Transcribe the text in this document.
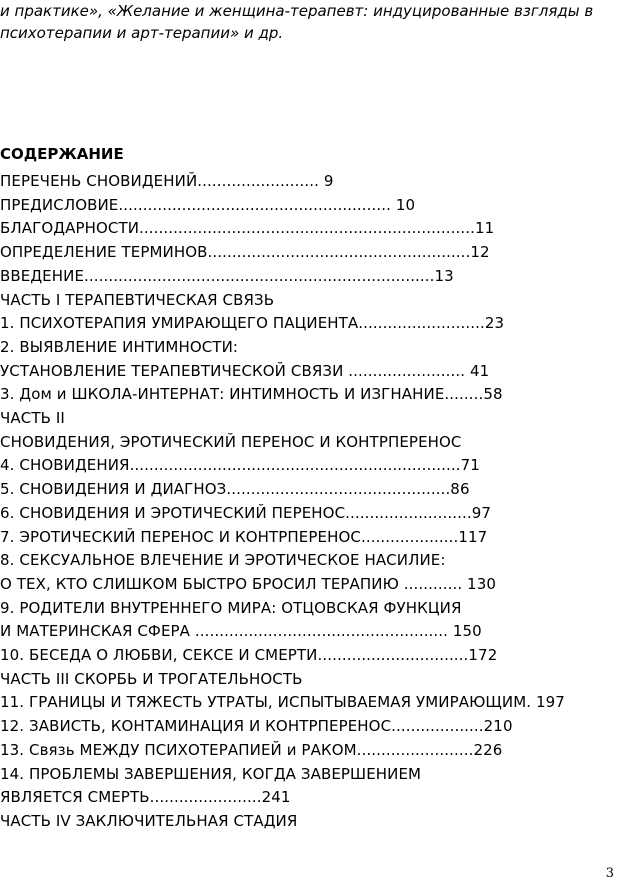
и практике», «Желание и женщина-терапевт: индуцированные взгляды в
психотерапии и арт-терапии» и др.
СОДЕРЖАНИЕ
ПЕРЕЧЕНЬ СНОВИДЕНИЙ......................... 9
ПРЕДИСЛОВИЕ........................................................ 10
БЛАГОДАРНОСТИ.....................................................................11
ОПРЕДЕЛЕНИЕ ТЕРМИНОВ......................................................12
ВВЕДЕНИЕ........................................................................13
ЧАСТЬ I ТЕРАПЕВТИЧЕСКАЯ СВЯЗЬ
1. ПСИХОТЕРАПИЯ УМИРАЮЩЕГО ПАЦИЕНТА..........................23
2. ВЫЯВЛЕНИЕ ИНТИМНОСТИ:
УСТАНОВЛЕНИЕ ТЕРАПЕВТИЧЕСКОЙ СВЯЗИ ........................ 41
3. Дом и ШКОЛА-ИНТЕРНАТ: ИНТИМНОСТЬ И ИЗГНАНИЕ........58
ЧАСТЬ II
СНОВИДЕНИЯ, ЭРОТИЧЕСКИЙ ПЕРЕНОС И КОНТРПЕРЕНОС
4. СНОВИДЕНИЯ....................................................................71
5. СНОВИДЕНИЯ И ДИАГНОЗ..............................................86
6. СНОВИДЕНИЯ И ЭРОТИЧЕСКИЙ ПЕРЕНОС..........................97
7. ЭРОТИЧЕСКИЙ ПЕРЕНОС И КОНТРПЕРЕНОС....................117
8. СЕКСУАЛЬНОЕ ВЛЕЧЕНИЕ И ЭРОТИЧЕСКОЕ НАСИЛИЕ:
О ТЕХ, КТО СЛИШКОМ БЫСТРО БРОСИЛ ТЕРАПИЮ ............ 130
9. РОДИТЕЛИ ВНУТРЕННЕГО МИРА: ОТЦОВСКАЯ ФУНКЦИЯ
И МАТЕРИНСКАЯ СФЕРА .................................................... 150
10. БЕСЕДА О ЛЮБВИ, СЕКСЕ И СМЕРТИ...............................172
ЧАСТЬ III СКОРБЬ И ТРОГАТЕЛЬНОСТЬ
11. ГРАНИЦЫ И ТЯЖЕСТЬ УТРАТЫ, ИСПЫТЫВАЕМАЯ УМИРАЮЩИМ. 197
12. ЗАВИСТЬ, КОНТАМИНАЦИЯ И КОНТРПЕРЕНОС...................210
13. Связь МЕЖДУ ПСИХОТЕРАПИЕЙ и РАКОМ........................226
14. ПРОБЛЕМЫ ЗАВЕРШЕНИЯ, КОГДА ЗАВЕРШЕНИЕМ
ЯВЛЯЕТСЯ СМЕРТЬ.......................241
ЧАСТЬ IV ЗАКЛЮЧИТЕЛЬНАЯ СТАДИЯ
3
